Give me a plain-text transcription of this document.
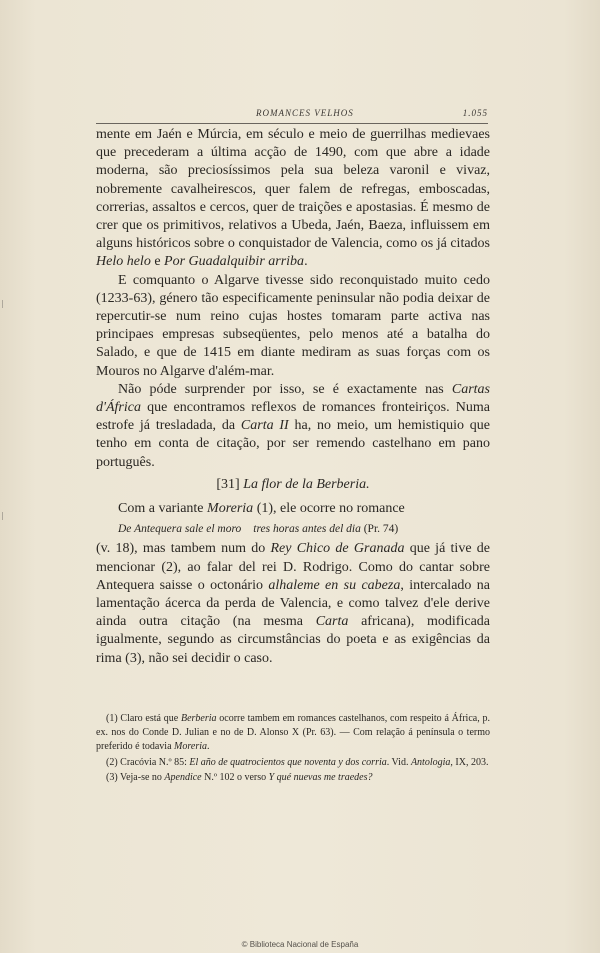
ROMANCES VELHOS	1.055

mente em Jaén e Múrcia, em século e meio de guerrilhas medievaes que precederam a última acção de 1490, com que abre a idade moderna, são preciosíssimos pela sua beleza varonil e vivaz, nobremente cavalheirescos, quer falem de refregas, emboscadas, correrias, assaltos e cercos, quer de traições e apostasias. É mesmo de crer que os primitivos, relativos a Ubeda, Jaén, Baeza, influissem em alguns históricos sobre o conquistador de Valencia, como os já citados Helo helo e Por Guadalquibir arriba.

E comquanto o Algarve tivesse sido reconquistado muito cedo (1233-63), género tão especificamente peninsular não podia deixar de repercutir-se num reino cujas hostes tomaram parte activa nas principaes empresas subseqüentes, pelo menos até a batalha do Salado, e que de 1415 em diante mediram as suas forças com os Mouros no Algarve d'além-mar.

Não póde surprender por isso, se é exactamente nas Cartas d'África que encontramos reflexos de romances fronteiriços. Numa estrofe já tresladada, da Carta II ha, no meio, um hemistiquio que tenho em conta de citação, por ser remendo castelhano em pano português.

[31] La flor de la Berberia.

Com a variante Moreria (1), ele ocorre no romance

De Antequera sale el moro tres horas antes del dia (Pr. 74)

(v. 18), mas tambem num do Rey Chico de Granada que já tive de mencionar (2), ao falar del rei D. Rodrigo. Como do cantar sobre Antequera saisse o octonário alhaleme en su cabeza, intercalado na lamentação ácerca da perda de Valencia, e como talvez d'ele derive ainda outra citação (na mesma Carta africana), modificada igualmente, segundo as circumstâncias do poeta e as exigências da rima (3), não sei decidir o caso.

(1) Claro está que Berberia ocorre tambem em romances castelhanos, com respeito á África, p. ex. nos do Conde D. Julian e no de D. Alonso X (Pr. 63). — Com relação á península o termo preferido é todavia Moreria.

(2) Cracóvia N.º 85: El año de quatrocientos que noventa y dos corria. Vid. Antologia, IX, 203.

(3) Veja-se no Apendice N.º 102 o verso Y qué nuevas me traedes?

© Biblioteca Nacional de España
